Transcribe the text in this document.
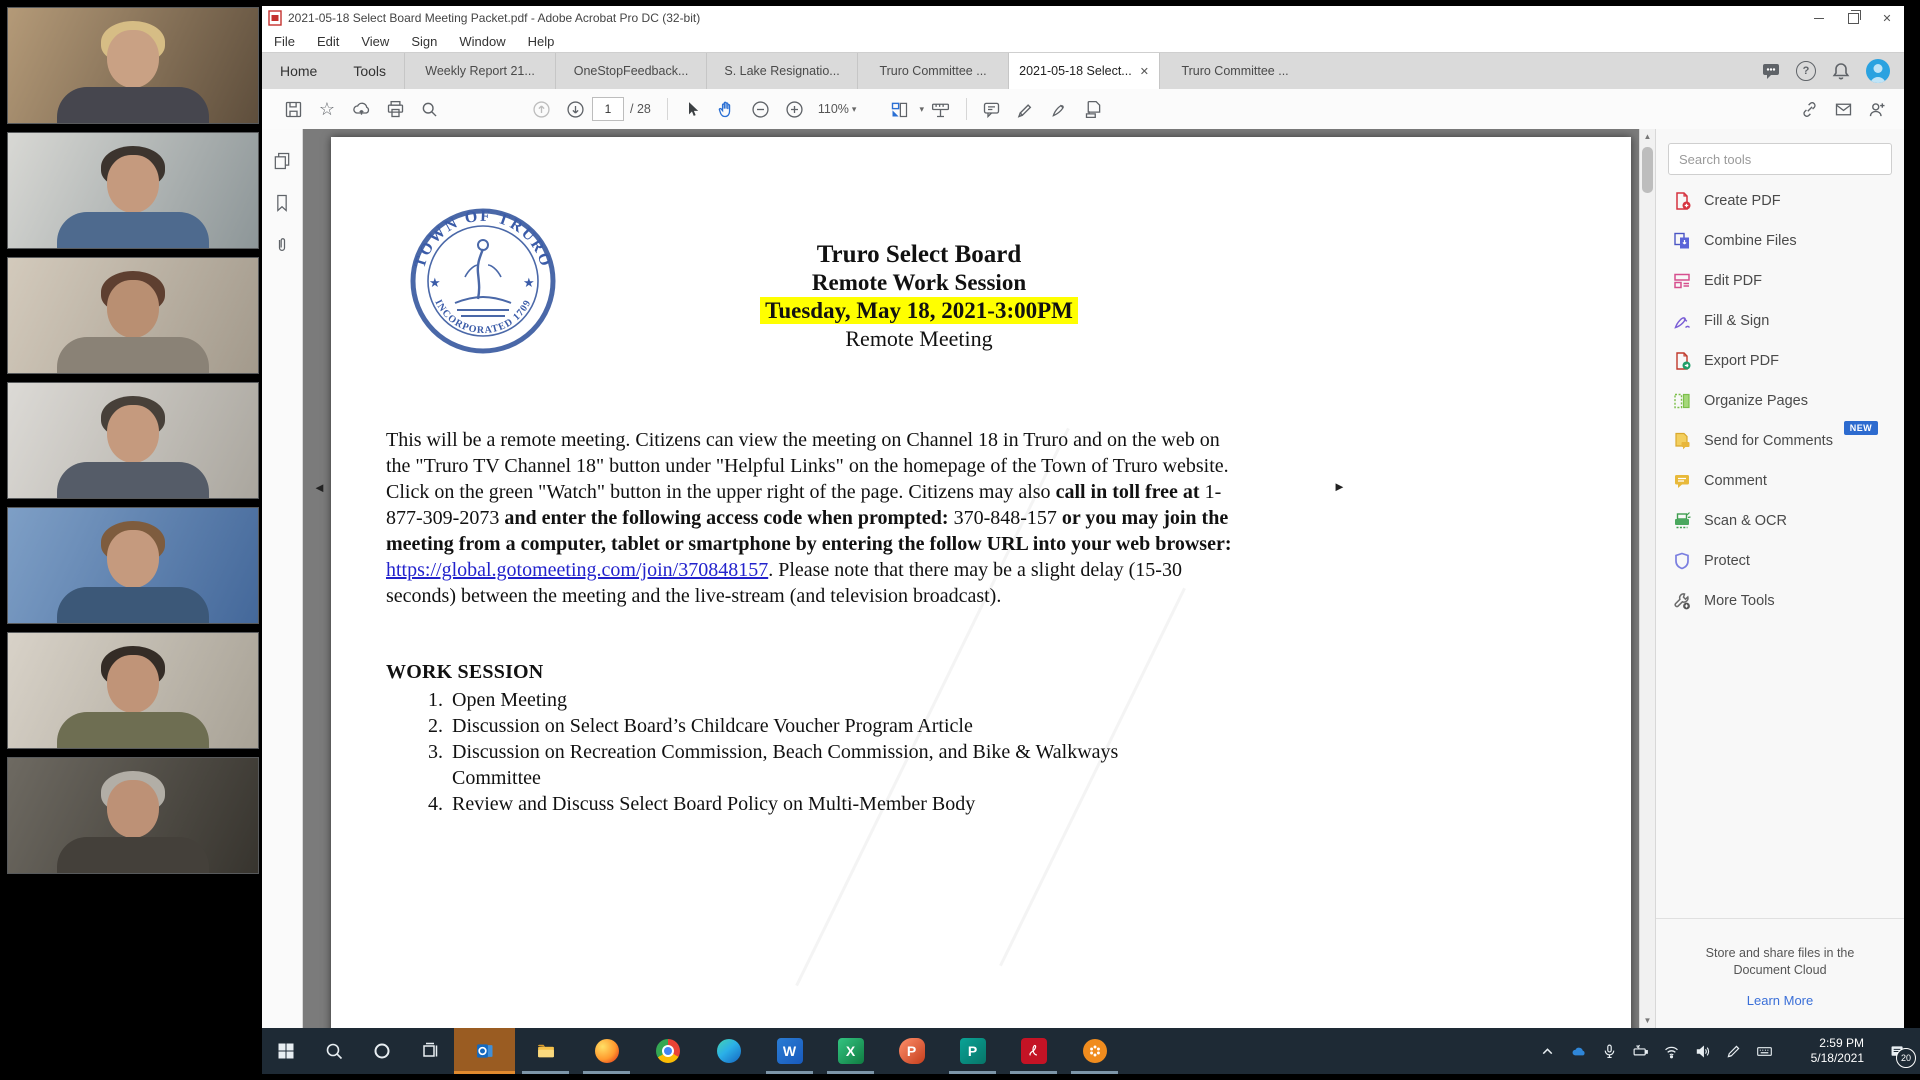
2021-05-18 Select Board Meeting Packet.pdf - Adobe Acrobat Pro DC (32-bit)	✕
File Edit View Sign Window Help
Home	Tools	Weekly Report 21...	OneStopFeedback...	S. Lake Resignatio...	Truro Committee ...	2021-05-18 Select... ✕	Truro Committee ...	?
☆
1	/ 28	110% ▾	▾
TOWN OF TRURO
INCORPORATED 1709
★	★
Truro Select Board
Remote Work Session
Tuesday, May 18, 2021-3:00PM
Remote Meeting
This will be a remote meeting. Citizens can view the meeting on Channel 18 in Truro and on the web on the "Truro TV Channel 18" button under "Helpful Links" on the homepage of the Town of Truro website. Click on the green "Watch" button in the upper right of the page. Citizens may also call in toll free at 1-877-309-2073 and enter the following access code when prompted: 370-848-157 or you may join the meeting from a computer, tablet or smartphone by entering the follow URL into your web browser: https://global.gotomeeting.com/join/370848157. Please note that there may be a slight delay (15-30 seconds) between the meeting and the live-stream (and television broadcast).
WORK SESSION
1. Open Meeting
2. Discussion on Select Board’s Childcare Voucher Program Article
3. Discussion on Recreation Commission, Beach Commission, and Bike & Walkways Committee
4. Review and Discuss Select Board Policy on Multi-Member Body
◄	►
▲
▼
Search tools
Create PDF
Combine Files
Edit PDF
Fill & Sign
Export PDF
Organize Pages
Send for Comments
NEW
Comment
Scan & OCR
Protect
More Tools
Store and share files in the Document Cloud
Learn More
W	X	P	P	2:59 PM
5/18/2021	20
